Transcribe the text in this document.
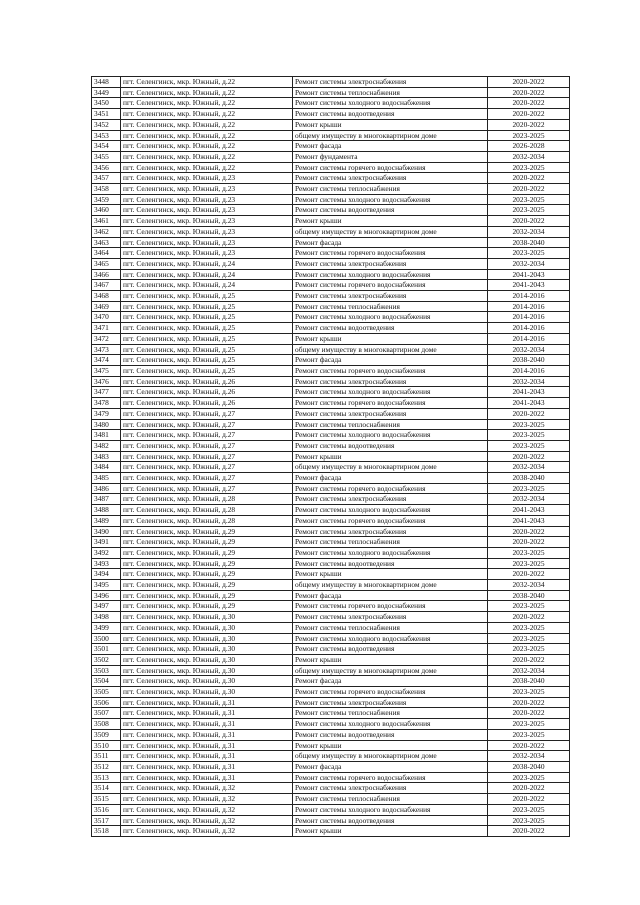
3448	пгт. Селенгинск, мкр. Южный, д.22	Ремонт системы электроснабжения	2020-2022
3449	пгт. Селенгинск, мкр. Южный, д.22	Ремонт системы теплоснабжения	2020-2022
3450	пгт. Селенгинск, мкр. Южный, д.22	Ремонт системы холодного водоснабжения	2020-2022
3451	пгт. Селенгинск, мкр. Южный, д.22	Ремонт системы водоотведения	2020-2022
3452	пгт. Селенгинск, мкр. Южный, д.22	Ремонт крыши	2020-2022
3453	пгт. Селенгинск, мкр. Южный, д.22	общему имуществу в многоквартирном доме	2023-2025
3454	пгт. Селенгинск, мкр. Южный, д.22	Ремонт фасада	2026-2028
3455	пгт. Селенгинск, мкр. Южный, д.22	Ремонт фундамента	2032-2034
3456	пгт. Селенгинск, мкр. Южный, д.22	Ремонт системы горячего водоснабжения	2023-2025
3457	пгт. Селенгинск, мкр. Южный, д.23	Ремонт системы электроснабжения	2020-2022
3458	пгт. Селенгинск, мкр. Южный, д.23	Ремонт системы теплоснабжения	2020-2022
3459	пгт. Селенгинск, мкр. Южный, д.23	Ремонт системы холодного водоснабжения	2023-2025
3460	пгт. Селенгинск, мкр. Южный, д.23	Ремонт системы водоотведения	2023-2025
3461	пгт. Селенгинск, мкр. Южный, д.23	Ремонт крыши	2020-2022
3462	пгт. Селенгинск, мкр. Южный, д.23	общему имуществу в многоквартирном доме	2032-2034
3463	пгт. Селенгинск, мкр. Южный, д.23	Ремонт фасада	2038-2040
3464	пгт. Селенгинск, мкр. Южный, д.23	Ремонт системы горячего водоснабжения	2023-2025
3465	пгт. Селенгинск, мкр. Южный, д.24	Ремонт системы электроснабжения	2032-2034
3466	пгт. Селенгинск, мкр. Южный, д.24	Ремонт системы холодного водоснабжения	2041-2043
3467	пгт. Селенгинск, мкр. Южный, д.24	Ремонт системы горячего водоснабжения	2041-2043
3468	пгт. Селенгинск, мкр. Южный, д.25	Ремонт системы электроснабжения	2014-2016
3469	пгт. Селенгинск, мкр. Южный, д.25	Ремонт системы теплоснабжения	2014-2016
3470	пгт. Селенгинск, мкр. Южный, д.25	Ремонт системы холодного водоснабжения	2014-2016
3471	пгт. Селенгинск, мкр. Южный, д.25	Ремонт системы водоотведения	2014-2016
3472	пгт. Селенгинск, мкр. Южный, д.25	Ремонт крыши	2014-2016
3473	пгт. Селенгинск, мкр. Южный, д.25	общему имуществу в многоквартирном доме	2032-2034
3474	пгт. Селенгинск, мкр. Южный, д.25	Ремонт фасада	2038-2040
3475	пгт. Селенгинск, мкр. Южный, д.25	Ремонт системы горячего водоснабжения	2014-2016
3476	пгт. Селенгинск, мкр. Южный, д.26	Ремонт системы электроснабжения	2032-2034
3477	пгт. Селенгинск, мкр. Южный, д.26	Ремонт системы холодного водоснабжения	2041-2043
3478	пгт. Селенгинск, мкр. Южный, д.26	Ремонт системы горячего водоснабжения	2041-2043
3479	пгт. Селенгинск, мкр. Южный, д.27	Ремонт системы электроснабжения	2020-2022
3480	пгт. Селенгинск, мкр. Южный, д.27	Ремонт системы теплоснабжения	2023-2025
3481	пгт. Селенгинск, мкр. Южный, д.27	Ремонт системы холодного водоснабжения	2023-2025
3482	пгт. Селенгинск, мкр. Южный, д.27	Ремонт системы водоотведения	2023-2025
3483	пгт. Селенгинск, мкр. Южный, д.27	Ремонт крыши	2020-2022
3484	пгт. Селенгинск, мкр. Южный, д.27	общему имуществу в многоквартирном доме	2032-2034
3485	пгт. Селенгинск, мкр. Южный, д.27	Ремонт фасада	2038-2040
3486	пгт. Селенгинск, мкр. Южный, д.27	Ремонт системы горячего водоснабжения	2023-2025
3487	пгт. Селенгинск, мкр. Южный, д.28	Ремонт системы электроснабжения	2032-2034
3488	пгт. Селенгинск, мкр. Южный, д.28	Ремонт системы холодного водоснабжения	2041-2043
3489	пгт. Селенгинск, мкр. Южный, д.28	Ремонт системы горячего водоснабжения	2041-2043
3490	пгт. Селенгинск, мкр. Южный, д.29	Ремонт системы электроснабжения	2020-2022
3491	пгт. Селенгинск, мкр. Южный, д.29	Ремонт системы теплоснабжения	2020-2022
3492	пгт. Селенгинск, мкр. Южный, д.29	Ремонт системы холодного водоснабжения	2023-2025
3493	пгт. Селенгинск, мкр. Южный, д.29	Ремонт системы водоотведения	2023-2025
3494	пгт. Селенгинск, мкр. Южный, д.29	Ремонт крыши	2020-2022
3495	пгт. Селенгинск, мкр. Южный, д.29	общему имуществу в многоквартирном доме	2032-2034
3496	пгт. Селенгинск, мкр. Южный, д.29	Ремонт фасада	2038-2040
3497	пгт. Селенгинск, мкр. Южный, д.29	Ремонт системы горячего водоснабжения	2023-2025
3498	пгт. Селенгинск, мкр. Южный, д.30	Ремонт системы электроснабжения	2020-2022
3499	пгт. Селенгинск, мкр. Южный, д.30	Ремонт системы теплоснабжения	2023-2025
3500	пгт. Селенгинск, мкр. Южный, д.30	Ремонт системы холодного водоснабжения	2023-2025
3501	пгт. Селенгинск, мкр. Южный, д.30	Ремонт системы водоотведения	2023-2025
3502	пгт. Селенгинск, мкр. Южный, д.30	Ремонт крыши	2020-2022
3503	пгт. Селенгинск, мкр. Южный, д.30	общему имуществу в многоквартирном доме	2032-2034
3504	пгт. Селенгинск, мкр. Южный, д.30	Ремонт фасада	2038-2040
3505	пгт. Селенгинск, мкр. Южный, д.30	Ремонт системы горячего водоснабжения	2023-2025
3506	пгт. Селенгинск, мкр. Южный, д.31	Ремонт системы электроснабжения	2020-2022
3507	пгт. Селенгинск, мкр. Южный, д.31	Ремонт системы теплоснабжения	2020-2022
3508	пгт. Селенгинск, мкр. Южный, д.31	Ремонт системы холодного водоснабжения	2023-2025
3509	пгт. Селенгинск, мкр. Южный, д.31	Ремонт системы водоотведения	2023-2025
3510	пгт. Селенгинск, мкр. Южный, д.31	Ремонт крыши	2020-2022
3511	пгт. Селенгинск, мкр. Южный, д.31	общему имуществу в многоквартирном доме	2032-2034
3512	пгт. Селенгинск, мкр. Южный, д.31	Ремонт фасада	2038-2040
3513	пгт. Селенгинск, мкр. Южный, д.31	Ремонт системы горячего водоснабжения	2023-2025
3514	пгт. Селенгинск, мкр. Южный, д.32	Ремонт системы электроснабжения	2020-2022
3515	пгт. Селенгинск, мкр. Южный, д.32	Ремонт системы теплоснабжения	2020-2022
3516	пгт. Селенгинск, мкр. Южный, д.32	Ремонт системы холодного водоснабжения	2023-2025
3517	пгт. Селенгинск, мкр. Южный, д.32	Ремонт системы водоотведения	2023-2025
3518	пгт. Селенгинск, мкр. Южный, д.32	Ремонт крыши	2020-2022
